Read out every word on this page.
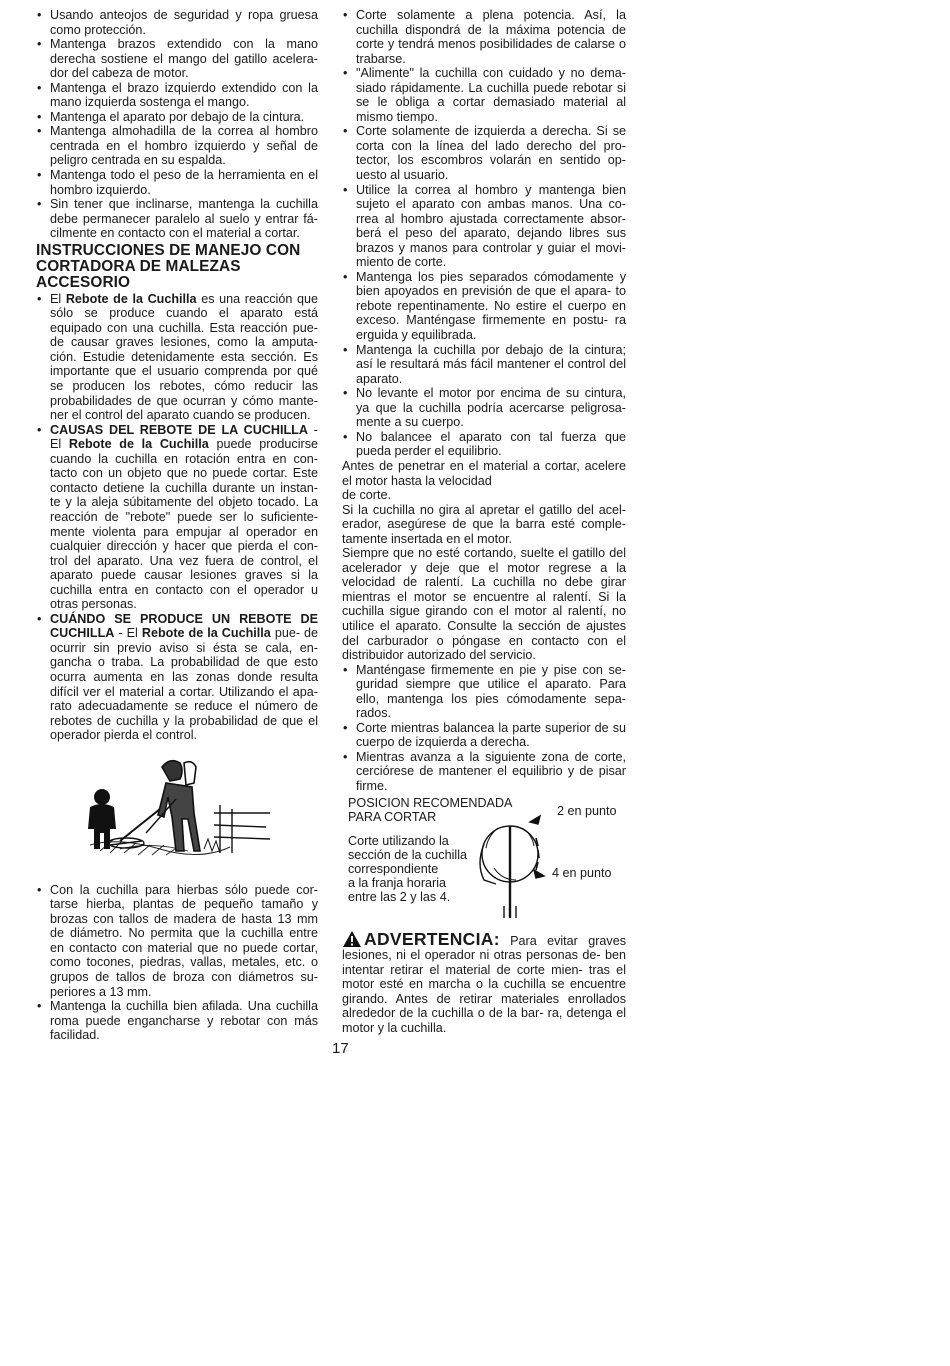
• Usando anteojos de seguridad y ropa gruesa como protección.
• Mantenga brazos extendido con la mano derecha sostiene el mango del gatillo acelera- dor del cabeza de motor.
• Mantenga el brazo izquierdo extendido con la mano izquierda sostenga el mango.
• Mantenga el aparato por debajo de la cintura.
• Mantenga almohadilla de la correa al hombro centrada en el hombro izquierdo y señal de peligro centrada en su espalda.
• Mantenga todo el peso de la herramienta en el hombro izquierdo.
• Sin tener que inclinarse, mantenga la cuchilla debe permanecer paralelo al suelo y entrar fá- cilmente en contacto con el material a cortar.
INSTRUCCIONES DE MANEJO CON
CORTADORA DE MALEZAS
ACCESORIO
• El Rebote de la Cuchilla es una reacción que sólo se produce cuando el aparato está equipado con una cuchilla. Esta reacción pue- de causar graves lesiones, como la amputa- ción. Estudie detenidamente esta sección. Es importante que el usuario comprenda por qué se producen los rebotes, cómo reducir las probabilidades de que ocurran y cómo mante- ner el control del aparato cuando se producen.
• CAUSAS DEL REBOTE DE LA CUCHILLA - El Rebote de la Cuchilla puede producirse cuando la cuchilla en rotación entra en con- tacto con un objeto que no puede cortar. Este contacto detiene la cuchilla durante un instan- te y la aleja súbitamente del objeto tocado. La reacción de "rebote" puede ser lo suficiente- mente violenta para empujar al operador en cualquier dirección y hacer que pierda el con- trol del aparato. Una vez fuera de control, el aparato puede causar lesiones graves si la cuchilla entra en contacto con el operador u otras personas.
• CUÁNDO SE PRODUCE UN REBOTE DE CUCHILLA - El Rebote de la Cuchilla pue- de ocurrir sin previo aviso si ésta se cala, en- gancha o traba. La probabilidad de que esto ocurra aumenta en las zonas donde resulta difícil ver el material a cortar. Utilizando el apa- rato adecuadamente se reduce el número de rebotes de cuchilla y la probabilidad de que el operador pierda el control.
• Con la cuchilla para hierbas sólo puede cor- tarse hierba, plantas de pequeño tamaño y brozas con tallos de madera de hasta 13 mm de diámetro. No permita que la cuchilla entre en contacto con material que no puede cortar, como tocones, piedras, vallas, metales, etc. o grupos de tallos de broza con diámetros su- periores a 13 mm.
• Mantenga la cuchilla bien afilada. Una cuchilla roma puede engancharse y rebotar con más facilidad.
• Corte solamente a plena potencia. Así, la cuchilla dispondrá de la máxima potencia de corte y tendrá menos posibilidades de calarse o trabarse.
• "Alimente" la cuchilla con cuidado y no dema- siado rápidamente. La cuchilla puede rebotar si se le obliga a cortar demasiado material al mismo tiempo.
• Corte solamente de izquierda a derecha. Si se corta con la línea del lado derecho del pro- tector, los escombros volarán en sentido op- uesto al usuario.
• Utilice la correa al hombro y mantenga bien sujeto el aparato con ambas manos. Una co- rrea al hombro ajustada correctamente absor- berá el peso del aparato, dejando libres sus brazos y manos para controlar y guiar el movi- miento de corte.
• Mantenga los pies separados cómodamente y bien apoyados en previsión de que el apara- to rebote repentinamente. No estire el cuerpo en exceso. Manténgase firmemente en postu- ra erguida y equilibrada.
• Mantenga la cuchilla por debajo de la cintura; así le resultará más fácil mantener el control del aparato.
• No levante el motor por encima de su cintura, ya que la cuchilla podría acercarse peligrosa- mente a su cuerpo.
• No balancee el aparato con tal fuerza que pueda perder el equilibrio.

Antes de penetrar en el material a cortar, acelere el motor hasta la velocidad
de corte.

Si la cuchilla no gira al apretar el gatillo del acel- erador, asegúrese de que la barra esté comple- tamente insertada en el motor.

Siempre que no esté cortando, suelte el gatillo del acelerador y deje que el motor regrese a la velocidad de ralentí. La cuchilla no debe girar mientras el motor se encuentre al ralentí. Si la cuchilla sigue girando con el motor al ralentí, no utilice el aparato. Consulte la sección de ajustes del carburador o póngase en contacto con el distribuidor autorizado del servicio.

• Manténgase firmemente en pie y pise con se- guridad siempre que utilice el aparato. Para ello, mantenga los pies cómodamente sepa- rados.
• Corte mientras balancea la parte superior de su cuerpo de izquierda a derecha.
• Mientras avanza a la siguiente zona de corte, cerciórese de mantener el equilibrio y de pisar firme.
POSICION RECOMENDADA
PARA CORTAR
Corte utilizando la
sección de la cuchilla
correspondiente
a la franja horaria
entre las 2 y las 4.
2 en punto
4 en punto

ADVERTENCIA: Para evitar graves lesiones, ni el operador ni otras personas de- ben intentar retirar el material de corte mien- tras el motor esté en marcha o la cuchilla se encuentre girando. Antes de retirar materiales enrollados alrededor de la cuchilla o de la bar- ra, detenga el motor y la cuchilla.

17
